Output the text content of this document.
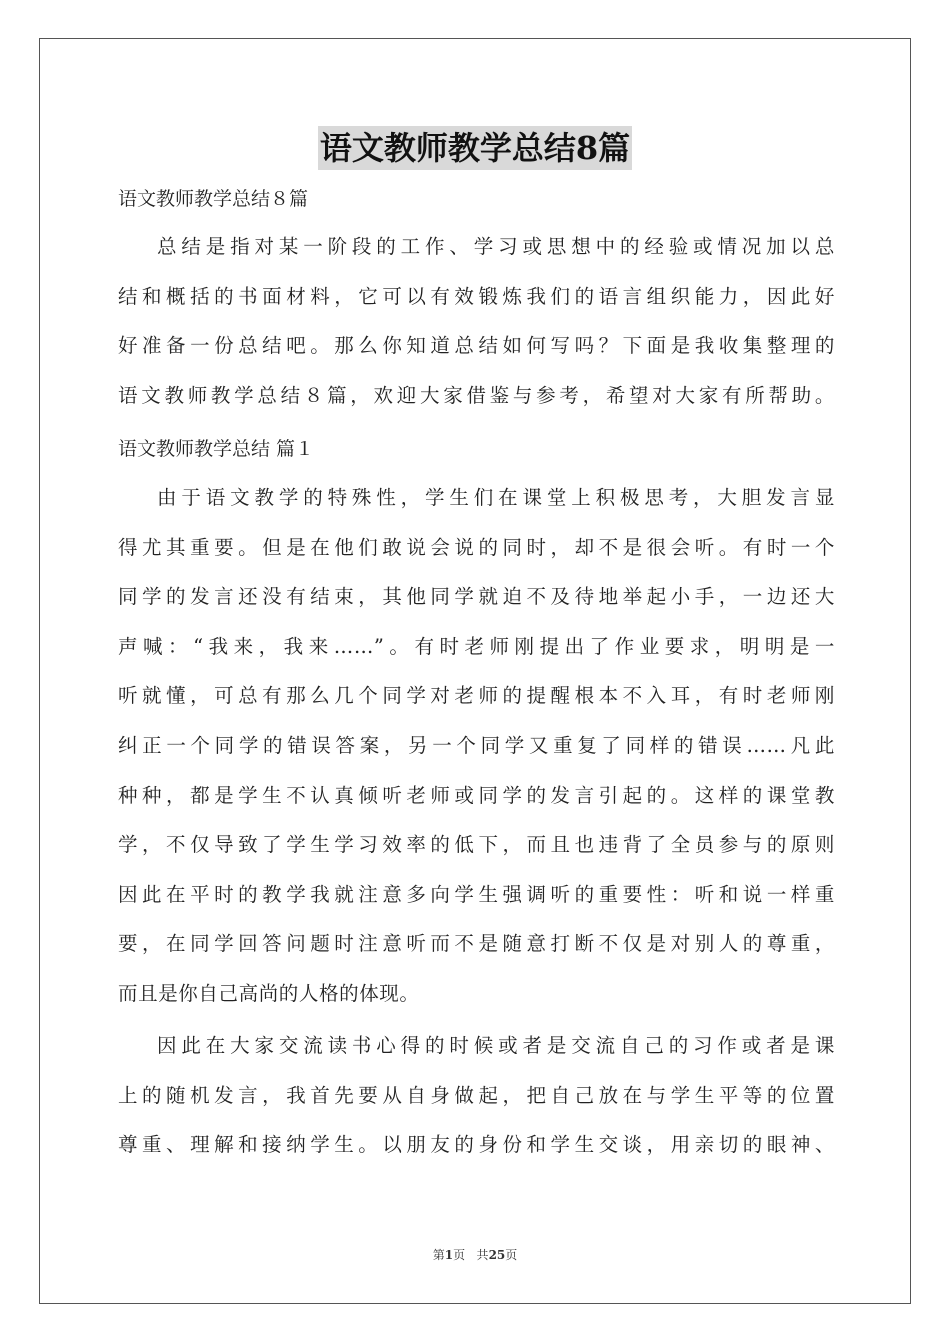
语文教师教学总结8篇
语文教师教学总结８篇
总结是指对某一阶段的工作、学习或思想中的经验或情况加以总
结和概括的书面材料，它可以有效锻炼我们的语言组织能力，因此好
好准备一份总结吧。那么你知道总结如何写吗？下面是我收集整理的
语文教师教学总结８篇，欢迎大家借鉴与参考，希望对大家有所帮助。
语文教师教学总结 篇１
由于语文教学的特殊性，学生们在课堂上积极思考，大胆发言显
得尤其重要。但是在他们敢说会说的同时，却不是很会听。有时一个
同学的发言还没有结束，其他同学就迫不及待地举起小手，一边还大
声喊：“我来，我来……”。有时老师刚提出了作业要求，明明是一
听就懂，可总有那么几个同学对老师的提醒根本不入耳，有时老师刚
纠正一个同学的错误答案，另一个同学又重复了同样的错误……凡此
种种，都是学生不认真倾听老师或同学的发言引起的。这样的课堂教
学，不仅导致了学生学习效率的低下，而且也违背了全员参与的原则
因此在平时的教学我就注意多向学生强调听的重要性：听和说一样重
要，在同学回答问题时注意听而不是随意打断不仅是对别人的尊重，
而且是你自己高尚的人格的体现。
因此在大家交流读书心得的时候或者是交流自己的习作或者是课
上的随机发言，我首先要从自身做起，把自己放在与学生平等的位置
尊重、理解和接纳学生。以朋友的身份和学生交谈，用亲切的眼神、
第1页 共25页
